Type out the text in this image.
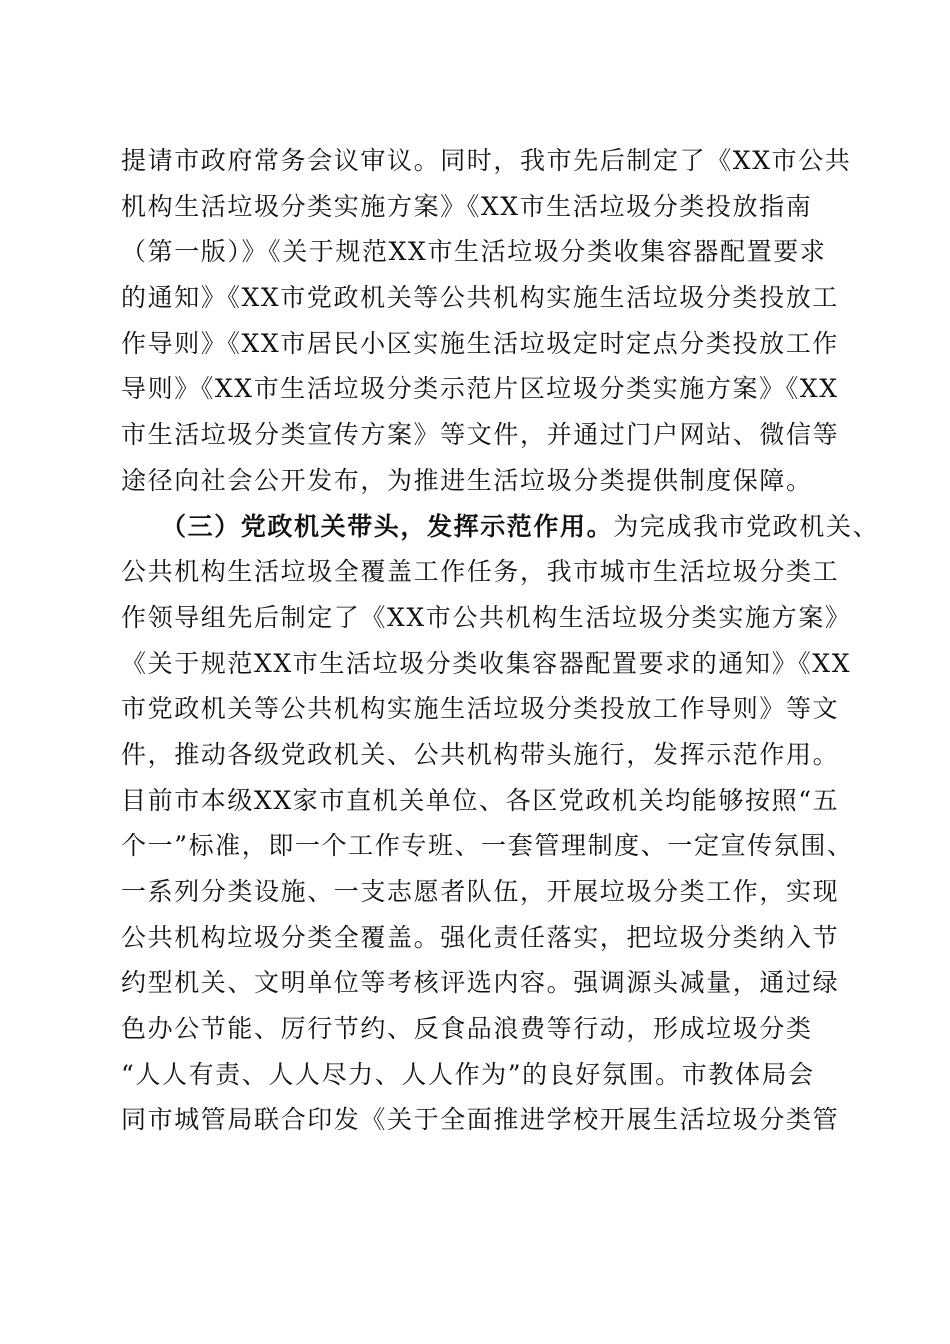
提请市政府常务会议审议。同时，我市先后制定了《XX市公共
机构生活垃圾分类实施方案》《XX市生活垃圾分类投放指南
（第一版）》《关于规范XX市生活垃圾分类收集容器配置要求
的通知》《XX市党政机关等公共机构实施生活垃圾分类投放工
作导则》《XX市居民小区实施生活垃圾定时定点分类投放工作
导则》《XX市生活垃圾分类示范片区垃圾分类实施方案》《XX
市生活垃圾分类宣传方案》等文件，并通过门户网站、微信等
途径向社会公开发布，为推进生活垃圾分类提供制度保障。
（三）党政机关带头，发挥示范作用。为完成我市党政机关、
公共机构生活垃圾全覆盖工作任务，我市城市生活垃圾分类工
作领导组先后制定了《XX市公共机构生活垃圾分类实施方案》
《关于规范XX市生活垃圾分类收集容器配置要求的通知》《XX
市党政机关等公共机构实施生活垃圾分类投放工作导则》等文
件，推动各级党政机关、公共机构带头施行，发挥示范作用。
目前市本级XX家市直机关单位、各区党政机关均能够按照“五
个一”标准，即一个工作专班、一套管理制度、一定宣传氛围、
一系列分类设施、一支志愿者队伍，开展垃圾分类工作，实现
公共机构垃圾分类全覆盖。强化责任落实，把垃圾分类纳入节
约型机关、文明单位等考核评选内容。强调源头减量，通过绿
色办公节能、厉行节约、反食品浪费等行动，形成垃圾分类
“人人有责、人人尽力、人人作为”的良好氛围。市教体局会
同市城管局联合印发《关于全面推进学校开展生活垃圾分类管
